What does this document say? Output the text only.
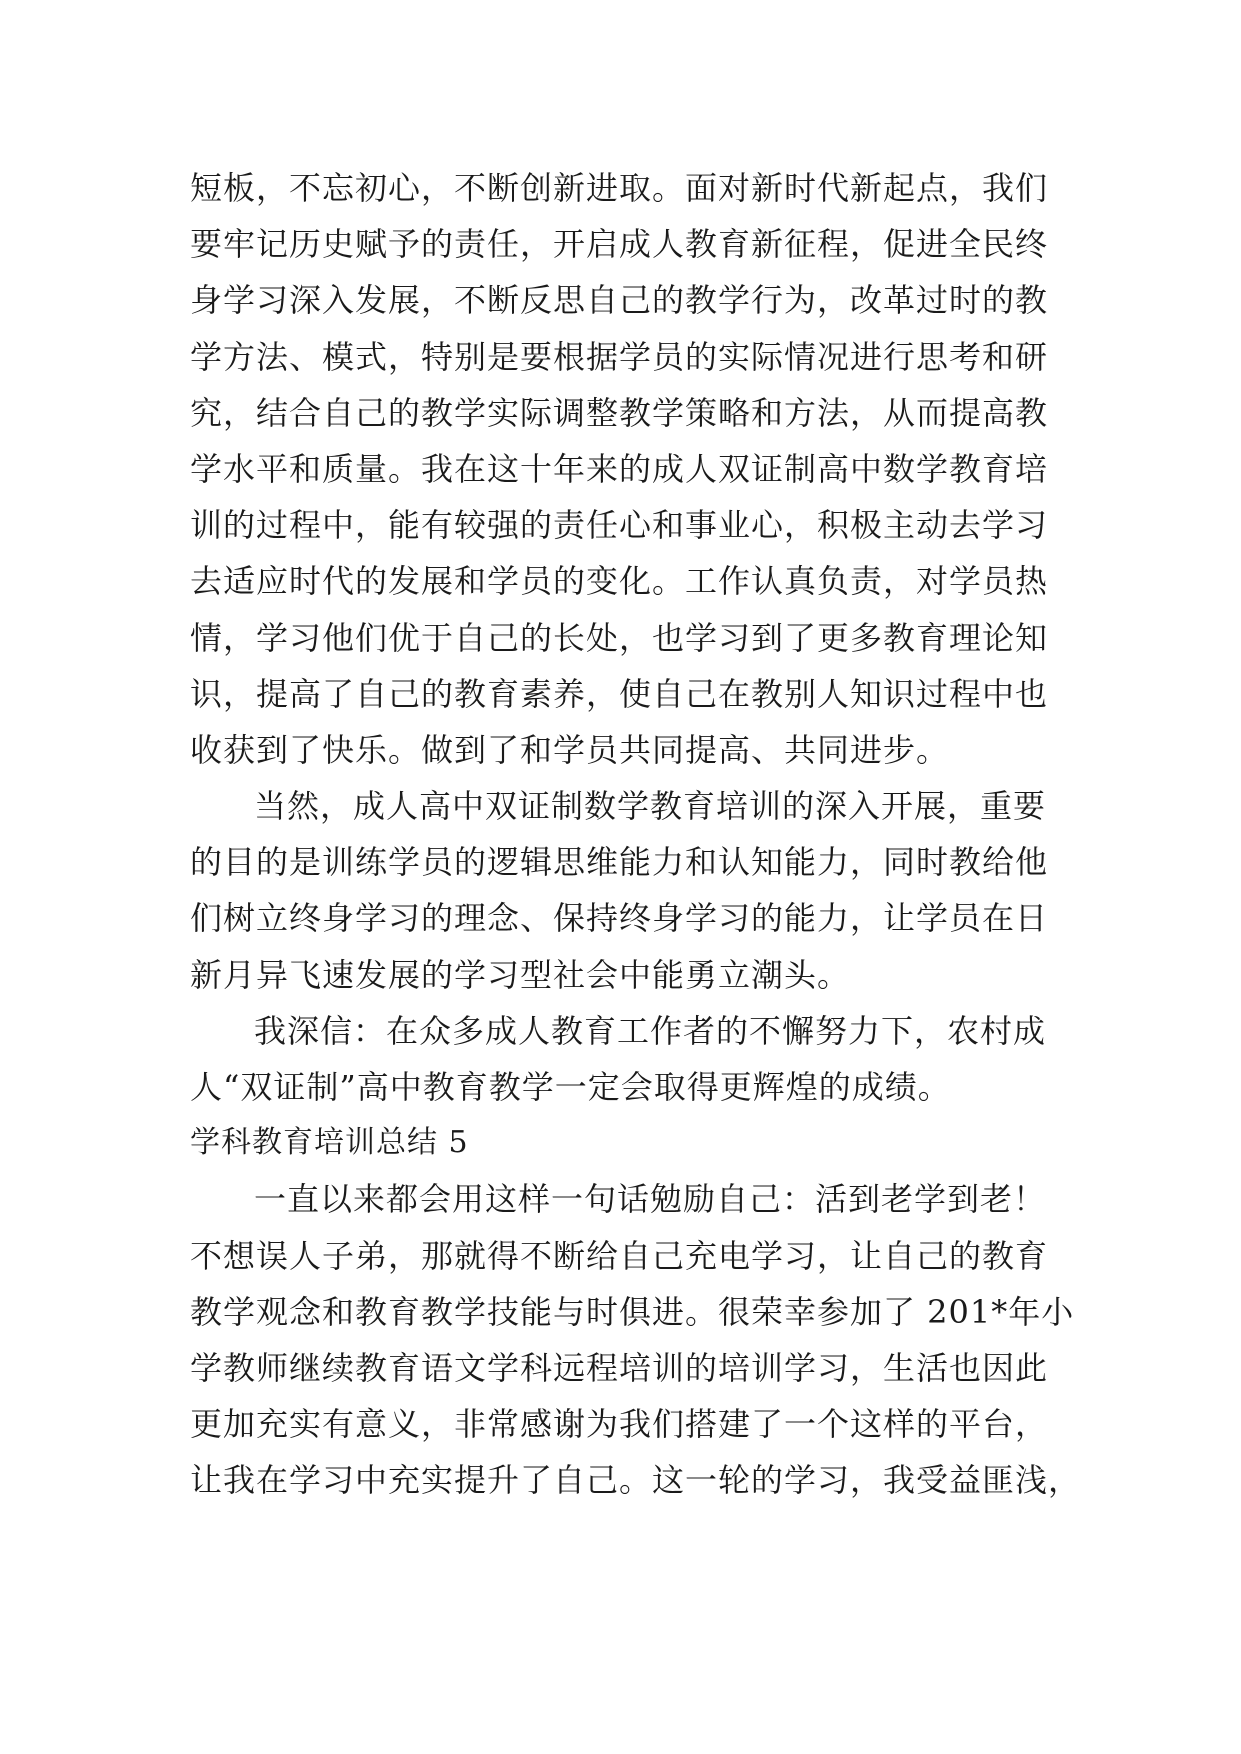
短板，不忘初心，不断创新进取。面对新时代新起点，我们
要牢记历史赋予的责任，开启成人教育新征程，促进全民终
身学习深入发展，不断反思自己的教学行为，改革过时的教
学方法、模式，特别是要根据学员的实际情况进行思考和研
究，结合自己的教学实际调整教学策略和方法，从而提高教
学水平和质量。我在这十年来的成人双证制高中数学教育培
训的过程中，能有较强的责任心和事业心，积极主动去学习
去适应时代的发展和学员的变化。工作认真负责，对学员热
情，学习他们优于自己的长处，也学习到了更多教育理论知
识，提高了自己的教育素养，使自己在教别人知识过程中也
收获到了快乐。做到了和学员共同提高、共同进步。
当然，成人高中双证制数学教育培训的深入开展，重要
的目的是训练学员的逻辑思维能力和认知能力，同时教给他
们树立终身学习的理念、保持终身学习的能力，让学员在日
新月异飞速发展的学习型社会中能勇立潮头。
我深信：在众多成人教育工作者的不懈努力下，农村成
人“双证制”高中教育教学一定会取得更辉煌的成绩。
学科教育培训总结 5
一直以来都会用这样一句话勉励自己：活到老学到老！
不想误人子弟，那就得不断给自己充电学习，让自己的教育
教学观念和教育教学技能与时俱进。很荣幸参加了 201*年小
学教师继续教育语文学科远程培训的培训学习，生活也因此
更加充实有意义，非常感谢为我们搭建了一个这样的平台，
让我在学习中充实提升了自己。这一轮的学习，我受益匪浅，
